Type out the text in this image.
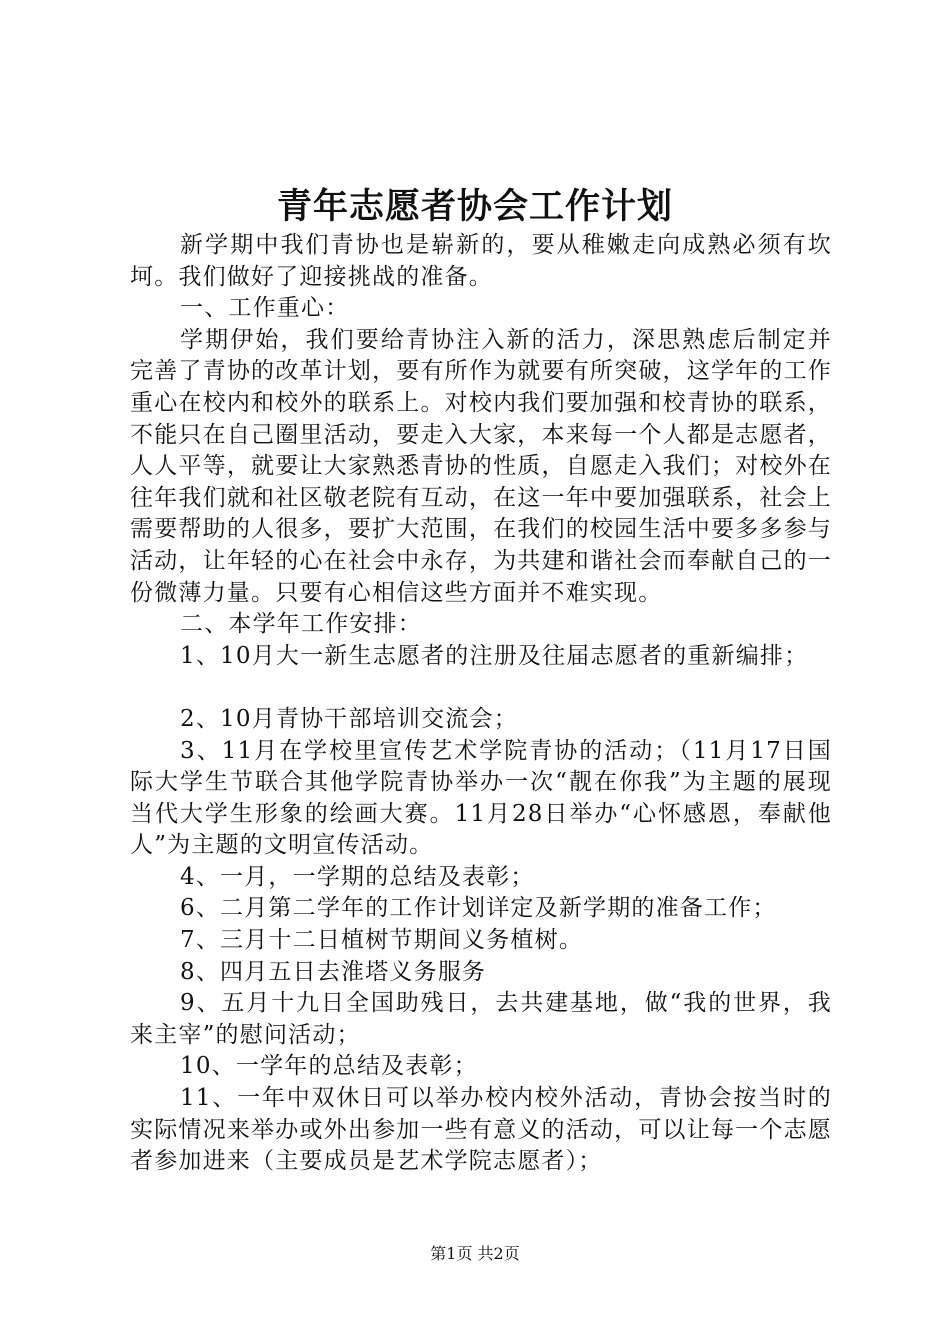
青年志愿者协会工作计划

新学期中我们青协也是崭新的，要从稚嫩走向成熟必须有坎坷。我们做好了迎接挑战的准备。

一、工作重心：

学期伊始，我们要给青协注入新的活力，深思熟虑后制定并完善了青协的改革计划，要有所作为就要有所突破，这学年的工作重心在校内和校外的联系上。对校内我们要加强和校青协的联系，不能只在自己圈里活动，要走入大家，本来每一个人都是志愿者，人人平等，就要让大家熟悉青协的性质，自愿走入我们；对校外在往年我们就和社区敬老院有互动，在这一年中要加强联系，社会上需要帮助的人很多，要扩大范围，在我们的校园生活中要多多参与活动，让年轻的心在社会中永存，为共建和谐社会而奉献自己的一份微薄力量。只要有心相信这些方面并不难实现。

二、本学年工作安排：

1、10月大一新生志愿者的注册及往届志愿者的重新编排；

2、10月青协干部培训交流会；

3、11月在学校里宣传艺术学院青协的活动；（11月17日国际大学生节联合其他学院青协举办一次“靓在你我”为主题的展现当代大学生形象的绘画大赛。11月28日举办“心怀感恩，奉献他人”为主题的文明宣传活动。

4、一月，一学期的总结及表彰；

6、二月第二学年的工作计划详定及新学期的准备工作；

7、三月十二日植树节期间义务植树。

8、四月五日去淮塔义务服务

9、五月十九日全国助残日，去共建基地，做“我的世界，我来主宰”的慰问活动；

10、一学年的总结及表彰；

11、一年中双休日可以举办校内校外活动，青协会按当时的实际情况来举办或外出参加一些有意义的活动，可以让每一个志愿者参加进来（主要成员是艺术学院志愿者）；

第1页 共2页
